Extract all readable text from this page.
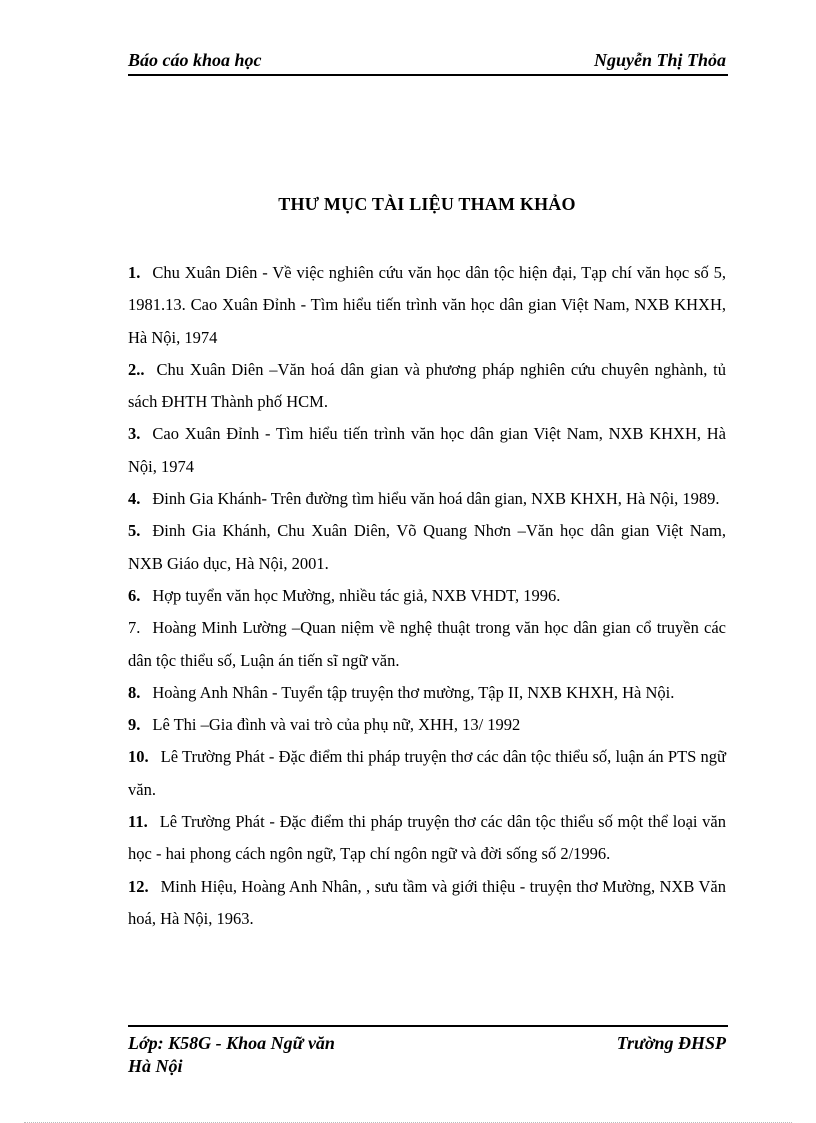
Báo cáo khoa học	Nguyễn Thị Thỏa
THƯ MỤC TÀI LIỆU THAM KHẢO

1. Chu Xuân Diên - Về việc nghiên cứu văn học dân tộc hiện đại, Tạp chí văn học số 5, 1981.13. Cao Xuân Đỉnh - Tìm hiểu tiến trình văn học dân gian Việt Nam, NXB KHXH, Hà Nội, 1974

2.. Chu Xuân Diên –Văn hoá dân gian và phương pháp nghiên cứu chuyên nghành, tủ sách ĐHTH Thành phố HCM.

3. Cao Xuân Đỉnh - Tìm hiểu tiến trình văn học dân gian Việt Nam, NXB KHXH, Hà Nội, 1974

4. Đinh Gia Khánh- Trên đường tìm hiểu văn hoá dân gian, NXB KHXH, Hà Nội, 1989.

5. Đinh Gia Khánh, Chu Xuân Diên, Võ Quang Nhơn –Văn học dân gian Việt Nam, NXB Giáo dục, Hà Nội, 2001.

6. Hợp tuyển văn học Mường, nhiều tác giả, NXB VHDT, 1996.

7. Hoàng Minh Lường –Quan niệm về nghệ thuật trong văn học dân gian cổ truyền các dân tộc thiểu số, Luận án tiến sĩ ngữ văn.

8. Hoàng Anh Nhân - Tuyển tập truyện thơ mường, Tập II, NXB KHXH, Hà Nội.

9. Lê Thi –Gia đình và vai trò của phụ nữ, XHH, 13/ 1992

10. Lê Trường Phát - Đặc điểm thi pháp truyện thơ các dân tộc thiểu số, luận án PTS ngữ văn.

11. Lê Trường Phát - Đặc điểm thi pháp truyện thơ các dân tộc thiểu số một thể loại văn học - hai phong cách ngôn ngữ, Tạp chí ngôn ngữ và đời sống số 2/1996.

12. Minh Hiệu, Hoàng Anh Nhân, , sưu tầm và giới thiệu - truyện thơ Mường, NXB Văn hoá, Hà Nội, 1963.

Lớp: K58G - Khoa Ngữ văn	Trường ĐHSP
Hà Nội
